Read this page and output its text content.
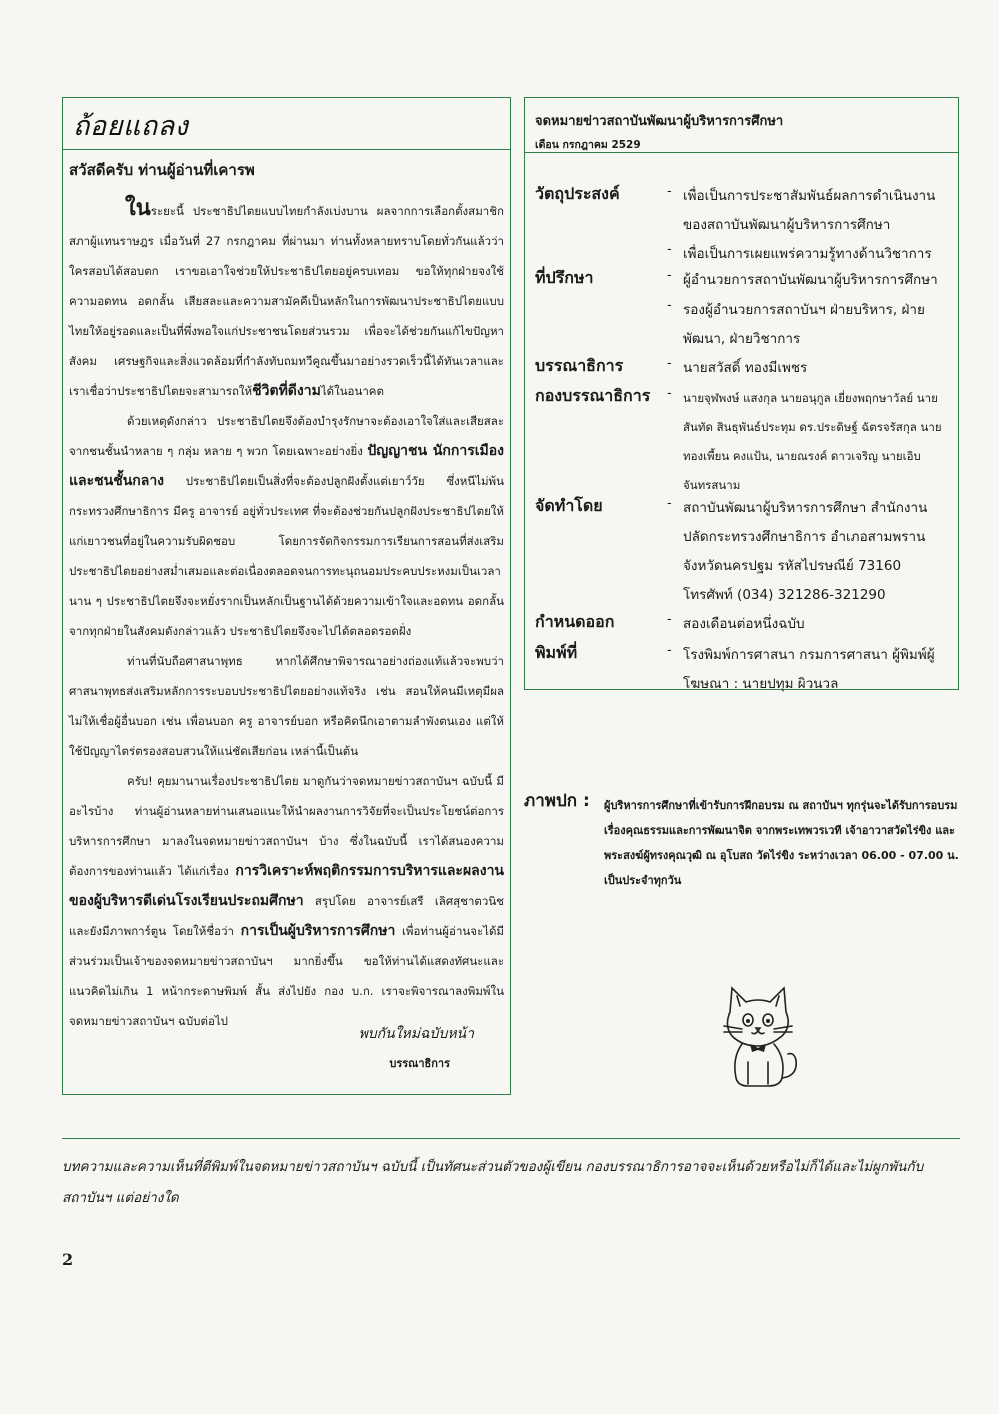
ถ้อยแถลง
สวัสดีครับ ท่านผู้อ่านที่เคารพ

ในระยะนี้ ประชาธิปไตยแบบไทยกำลังเบ่งบาน ผลจากการเลือกตั้งสมาชิกสภาผู้แทนราษฎร เมื่อวันที่ 27 กรกฎาคม ที่ผ่านมา ท่านทั้งหลายทราบโดยทั่วกันแล้วว่าใครสอบได้สอบตก เราขอเอาใจช่วยให้ประชาธิปไตยอยู่ครบเทอม ขอให้ทุกฝ่ายจงใช้ความอดทน อดกลั้น เสียสละและความสามัคคีเป็นหลักในการพัฒนาประชาธิปไตยแบบไทยให้อยู่รอดและเป็นที่พึ่งพอใจแก่ประชาชนโดยส่วนรวม เพื่อจะได้ช่วยกันแก้ไขปัญหาสังคม เศรษฐกิจและสิ่งแวดล้อมที่กำลังทับถมทวีคูณขึ้นมาอย่างรวดเร็วนี้ได้ทันเวลาและเราเชื่อว่าประชาธิปไตยจะสามารถให้ชีวิตที่ดีงามได้ในอนาคต

ด้วยเหตุดังกล่าว ประชาธิปไตยจึงต้องบำรุงรักษาจะต้องเอาใจใส่และเสียสละจากชนชั้นนำหลาย ๆ กลุ่ม หลาย ๆ พวก โดยเฉพาะอย่างยิ่ง ปัญญาชน นักการเมือง และชนชั้นกลาง ประชาธิปไตยเป็นสิ่งที่จะต้องปลูกฝังตั้งแต่เยาว์วัย ซึ่งหนีไม่พ้นกระทรวงศึกษาธิการ มีครู อาจารย์ อยู่ทั่วประเทศ ที่จะต้องช่วยกันปลูกฝังประชาธิปไตยให้แก่เยาวชนที่อยู่ในความรับผิดชอบ โดยการจัดกิจกรรมการเรียนการสอนที่ส่งเสริมประชาธิปไตยอย่างสม่ำเสมอและต่อเนื่องตลอดจนการทะนุถนอมประคบประหงมเป็นเวลานาน ๆ ประชาธิปไตยจึงจะหยั่งรากเป็นหลักเป็นฐานได้ด้วยความเข้าใจและอดทน อดกลั้น จากทุกฝ่ายในสังคมดังกล่าวแล้ว ประชาธิปไตยจึงจะไปได้ตลอดรอดฝั่ง

ท่านที่นับถือศาสนาพุทธ หากได้ศึกษาพิจารณาอย่างถ่องแท้แล้วจะพบว่าศาสนาพุทธส่งเสริมหลักการระบอบประชาธิปไตยอย่างแท้จริง เช่น สอนให้คนมีเหตุมีผล ไม่ให้เชื่อผู้อื่นบอก เช่น เพื่อนบอก ครู อาจารย์บอก หรือคิดนึกเอาตามลำพังตนเอง แต่ให้ใช้ปัญญาไตร่ตรองสอบสวนให้แน่ชัดเสียก่อน เหล่านี้เป็นต้น

ครับ! คุยมานานเรื่องประชาธิปไตย มาดูกันว่าจดหมายข่าวสถาบันฯ ฉบับนี้ มีอะไรบ้าง ท่านผู้อ่านหลายท่านเสนอแนะให้นำผลงานการวิจัยที่จะเป็นประโยชน์ต่อการบริหารการศึกษา มาลงในจดหมายข่าวสถาบันฯ บ้าง ซึ่งในฉบับนี้ เราได้สนองความต้องการของท่านแล้ว ได้แก่เรื่อง การวิเคราะห์พฤติกรรมการบริหารและผลงานของผู้บริหารดีเด่นโรงเรียนประถมศึกษา สรุปโดย อาจารย์เสรี เลิศสุชาตวนิช และยังมีภาพการ์ตูน โดยให้ชื่อว่า การเป็นผู้บริหารการศึกษา เพื่อท่านผู้อ่านจะได้มีส่วนร่วมเป็นเจ้าของจดหมายข่าวสถาบันฯ มากยิ่งขึ้น ขอให้ท่านได้แสดงทัศนะและแนวคิดไม่เกิน 1 หน้ากระดาษพิมพ์ สั้น ส่งไปยัง กอง บ.ก. เราจะพิจารณาลงพิมพ์ในจดหมายข่าวสถาบันฯ ฉบับต่อไป

พบกันใหม่ฉบับหน้า
บรรณาธิการ
จดหมายข่าวสถาบันพัฒนาผู้บริหารการศึกษา
เดือน กรกฎาคม 2529
วัตถุประสงค์	- เพื่อเป็นการประชาสัมพันธ์ผลการดำเนินงานของสถาบันพัฒนาผู้บริหารการศึกษา
- เพื่อเป็นการเผยแพร่ความรู้ทางด้านวิชาการ
ที่ปรึกษา	- ผู้อำนวยการสถาบันพัฒนาผู้บริหารการศึกษา
- รองผู้อำนวยการสถาบันฯ ฝ่ายบริหาร, ฝ่ายพัฒนา, ฝ่ายวิชาการ
บรรณาธิการ	- นายสวัสดิ์ ทองมีเพชร
กองบรรณาธิการ	- นายจุฬพงษ์ แสงกุล นายอนุกูล เยี่ยงพฤกษาวัลย์ นายสันทัด สินธุพันธ์ประทุม ดร.ประดิษฐ์ ฉัตรจรัสกุล นายทองเพี้ยน คงแป้น, นายณรงค์ ดาวเจริญ นายเอิบ จันทรสนาม
จัดทำโดย	- สถาบันพัฒนาผู้บริหารการศึกษา สำนักงานปลัดกระทรวงศึกษาธิการ อำเภอสามพราน จังหวัดนครปฐม รหัสไปรษณีย์ 73160 โทรศัพท์ (034) 321286-321290
กำหนดออก	- สองเดือนต่อหนึ่งฉบับ
พิมพ์ที่	- โรงพิมพ์การศาสนา กรมการศาสนา ผู้พิมพ์ผู้โฆษณา : นายปทุม ผิวนวล
ภาพปก : ผู้บริหารการศึกษาที่เข้ารับการฝึกอบรม ณ สถาบันฯ ทุกรุ่นจะได้รับการอบรมเรื่องคุณธรรมและการพัฒนาจิต จากพระเทพวรเวที เจ้าอาวาสวัดไร่ขิง และพระสงฆ์ผู้ทรงคุณวุฒิ ณ อุโบสถ วัดไร่ขิง ระหว่างเวลา 06.00 - 07.00 น. เป็นประจำทุกวัน
บทความและความเห็นที่ตีพิมพ์ในจดหมายข่าวสถาบันฯ ฉบับนี้ เป็นทัศนะส่วนตัวของผู้เขียน กองบรรณาธิการอาจจะเห็นด้วยหรือไม่ก็ได้และไม่ผูกพันกับสถาบันฯ แต่อย่างใด
2
